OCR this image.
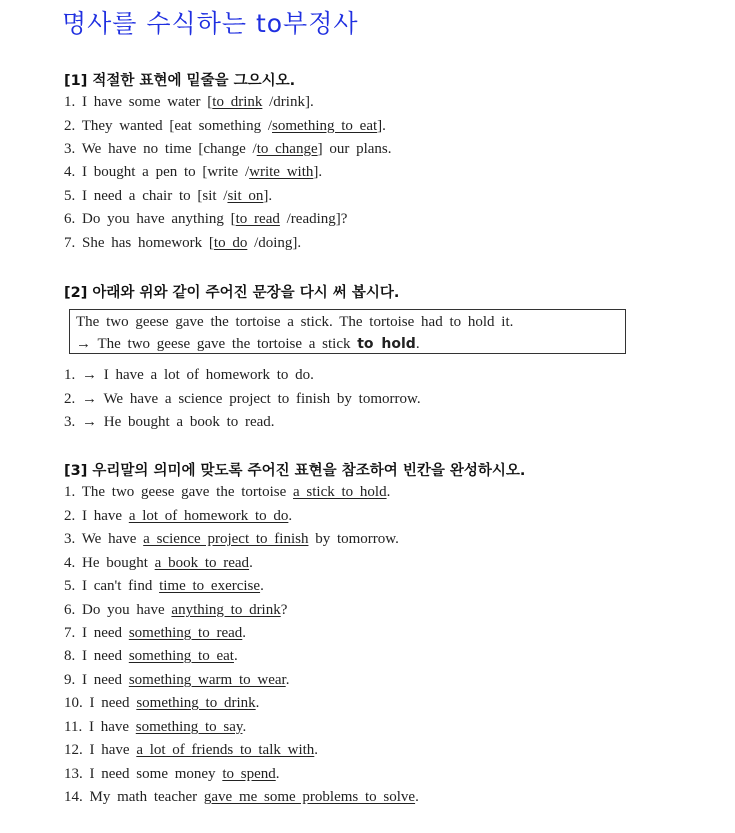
명사를 수식하는 to부정사
[1] 적절한 표현에 밑줄을 그으시오.
1. I have some water [to drink /drink].
2. They wanted [eat something /something to eat].
3. We have no time [change /to change] our plans.
4. I bought a pen to [write /write with].
5. I need a chair to [sit /sit on].
6. Do you have anything [to read /reading]?
7. She has homework [to do /doing].
[2] 아래와 위와 같이 주어진 문장을 다시 써 봅시다.
The two geese gave the tortoise a stick. The tortoise had to hold it.
→ The two geese gave the tortoise a stick to hold.
1. → I have a lot of homework to do.
2. → We have a science project to finish by tomorrow.
3. → He bought a book to read.
[3] 우리말의 의미에 맞도록 주어진 표현을 참조하여 빈칸을 완성하시오.
1. The two geese gave the tortoise a stick to hold.
2. I have a lot of homework to do.
3. We have a science project to finish by tomorrow.
4. He bought a book to read.
5. I can't find time to exercise.
6. Do you have anything to drink?
7. I need something to read.
8. I need something to eat.
9. I need something warm to wear.
10. I need something to drink.
11. I have something to say.
12. I have a lot of friends to talk with.
13. I need some money to spend.
14. My math teacher gave me some problems to solve.
